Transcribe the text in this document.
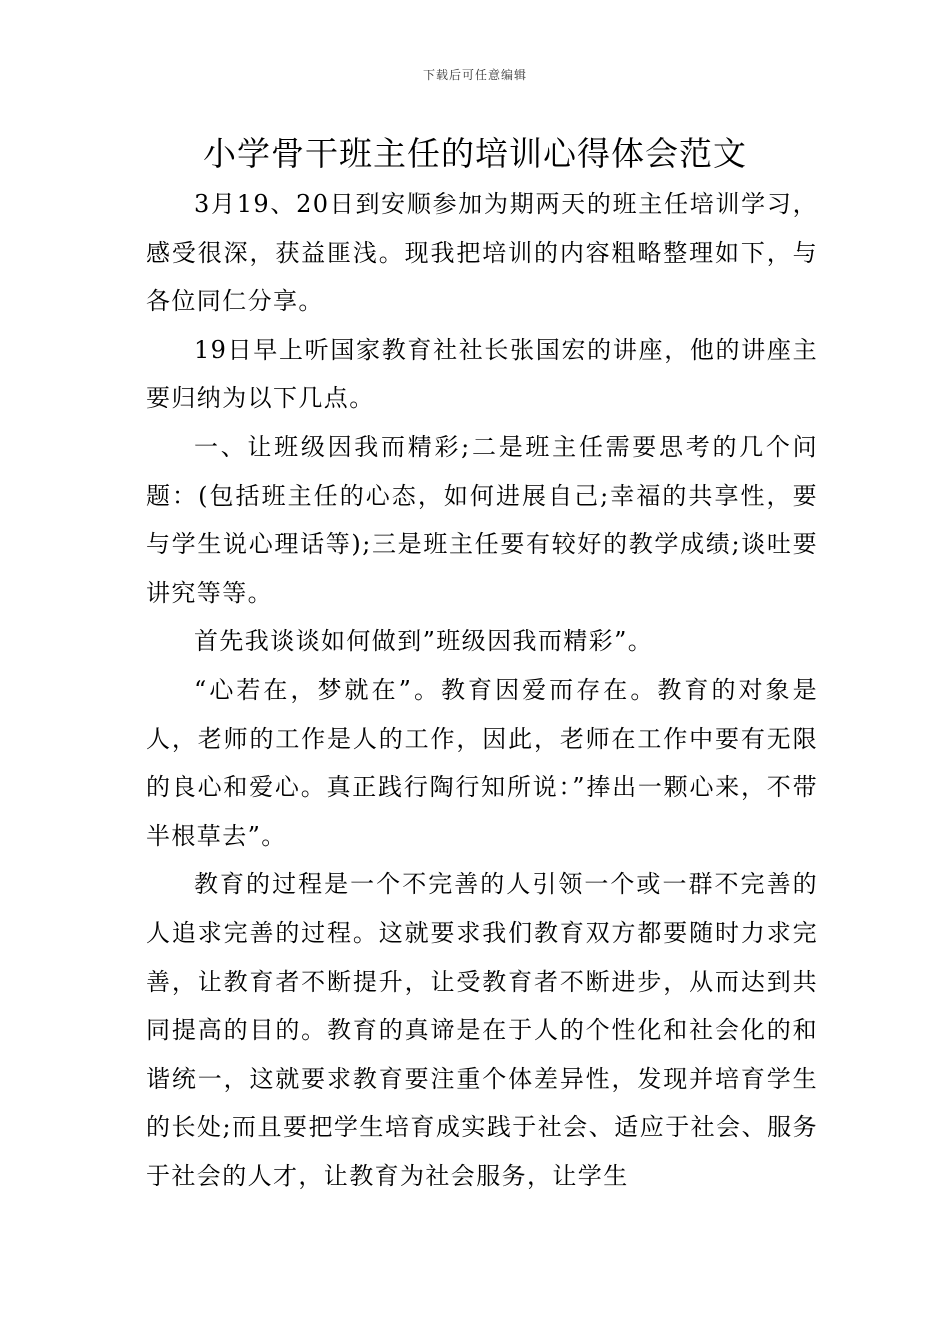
下载后可任意编辑
小学骨干班主任的培训心得体会范文

3月19、20日到安顺参加为期两天的班主任培训学习，感受很深，获益匪浅。现我把培训的内容粗略整理如下，与各位同仁分享。

19日早上听国家教育社社长张国宏的讲座，他的讲座主要归纳为以下几点。

一、让班级因我而精彩;二是班主任需要思考的几个问题：(包括班主任的心态，如何进展自己;幸福的共享性，要与学生说心理话等);三是班主任要有较好的教学成绩;谈吐要讲究等等。

首先我谈谈如何做到”班级因我而精彩”。

“心若在，梦就在”。教育因爱而存在。教育的对象是人，老师的工作是人的工作，因此，老师在工作中要有无限的良心和爱心。真正践行陶行知所说：”捧出一颗心来，不带半根草去”。

教育的过程是一个不完善的人引领一个或一群不完善的人追求完善的过程。这就要求我们教育双方都要随时力求完善，让教育者不断提升，让受教育者不断进步，从而达到共同提高的目的。教育的真谛是在于人的个性化和社会化的和谐统一，这就要求教育要注重个体差异性，发现并培育学生的长处;而且要把学生培育成实践于社会、适应于社会、服务于社会的人才，让教育为社会服务，让学生
